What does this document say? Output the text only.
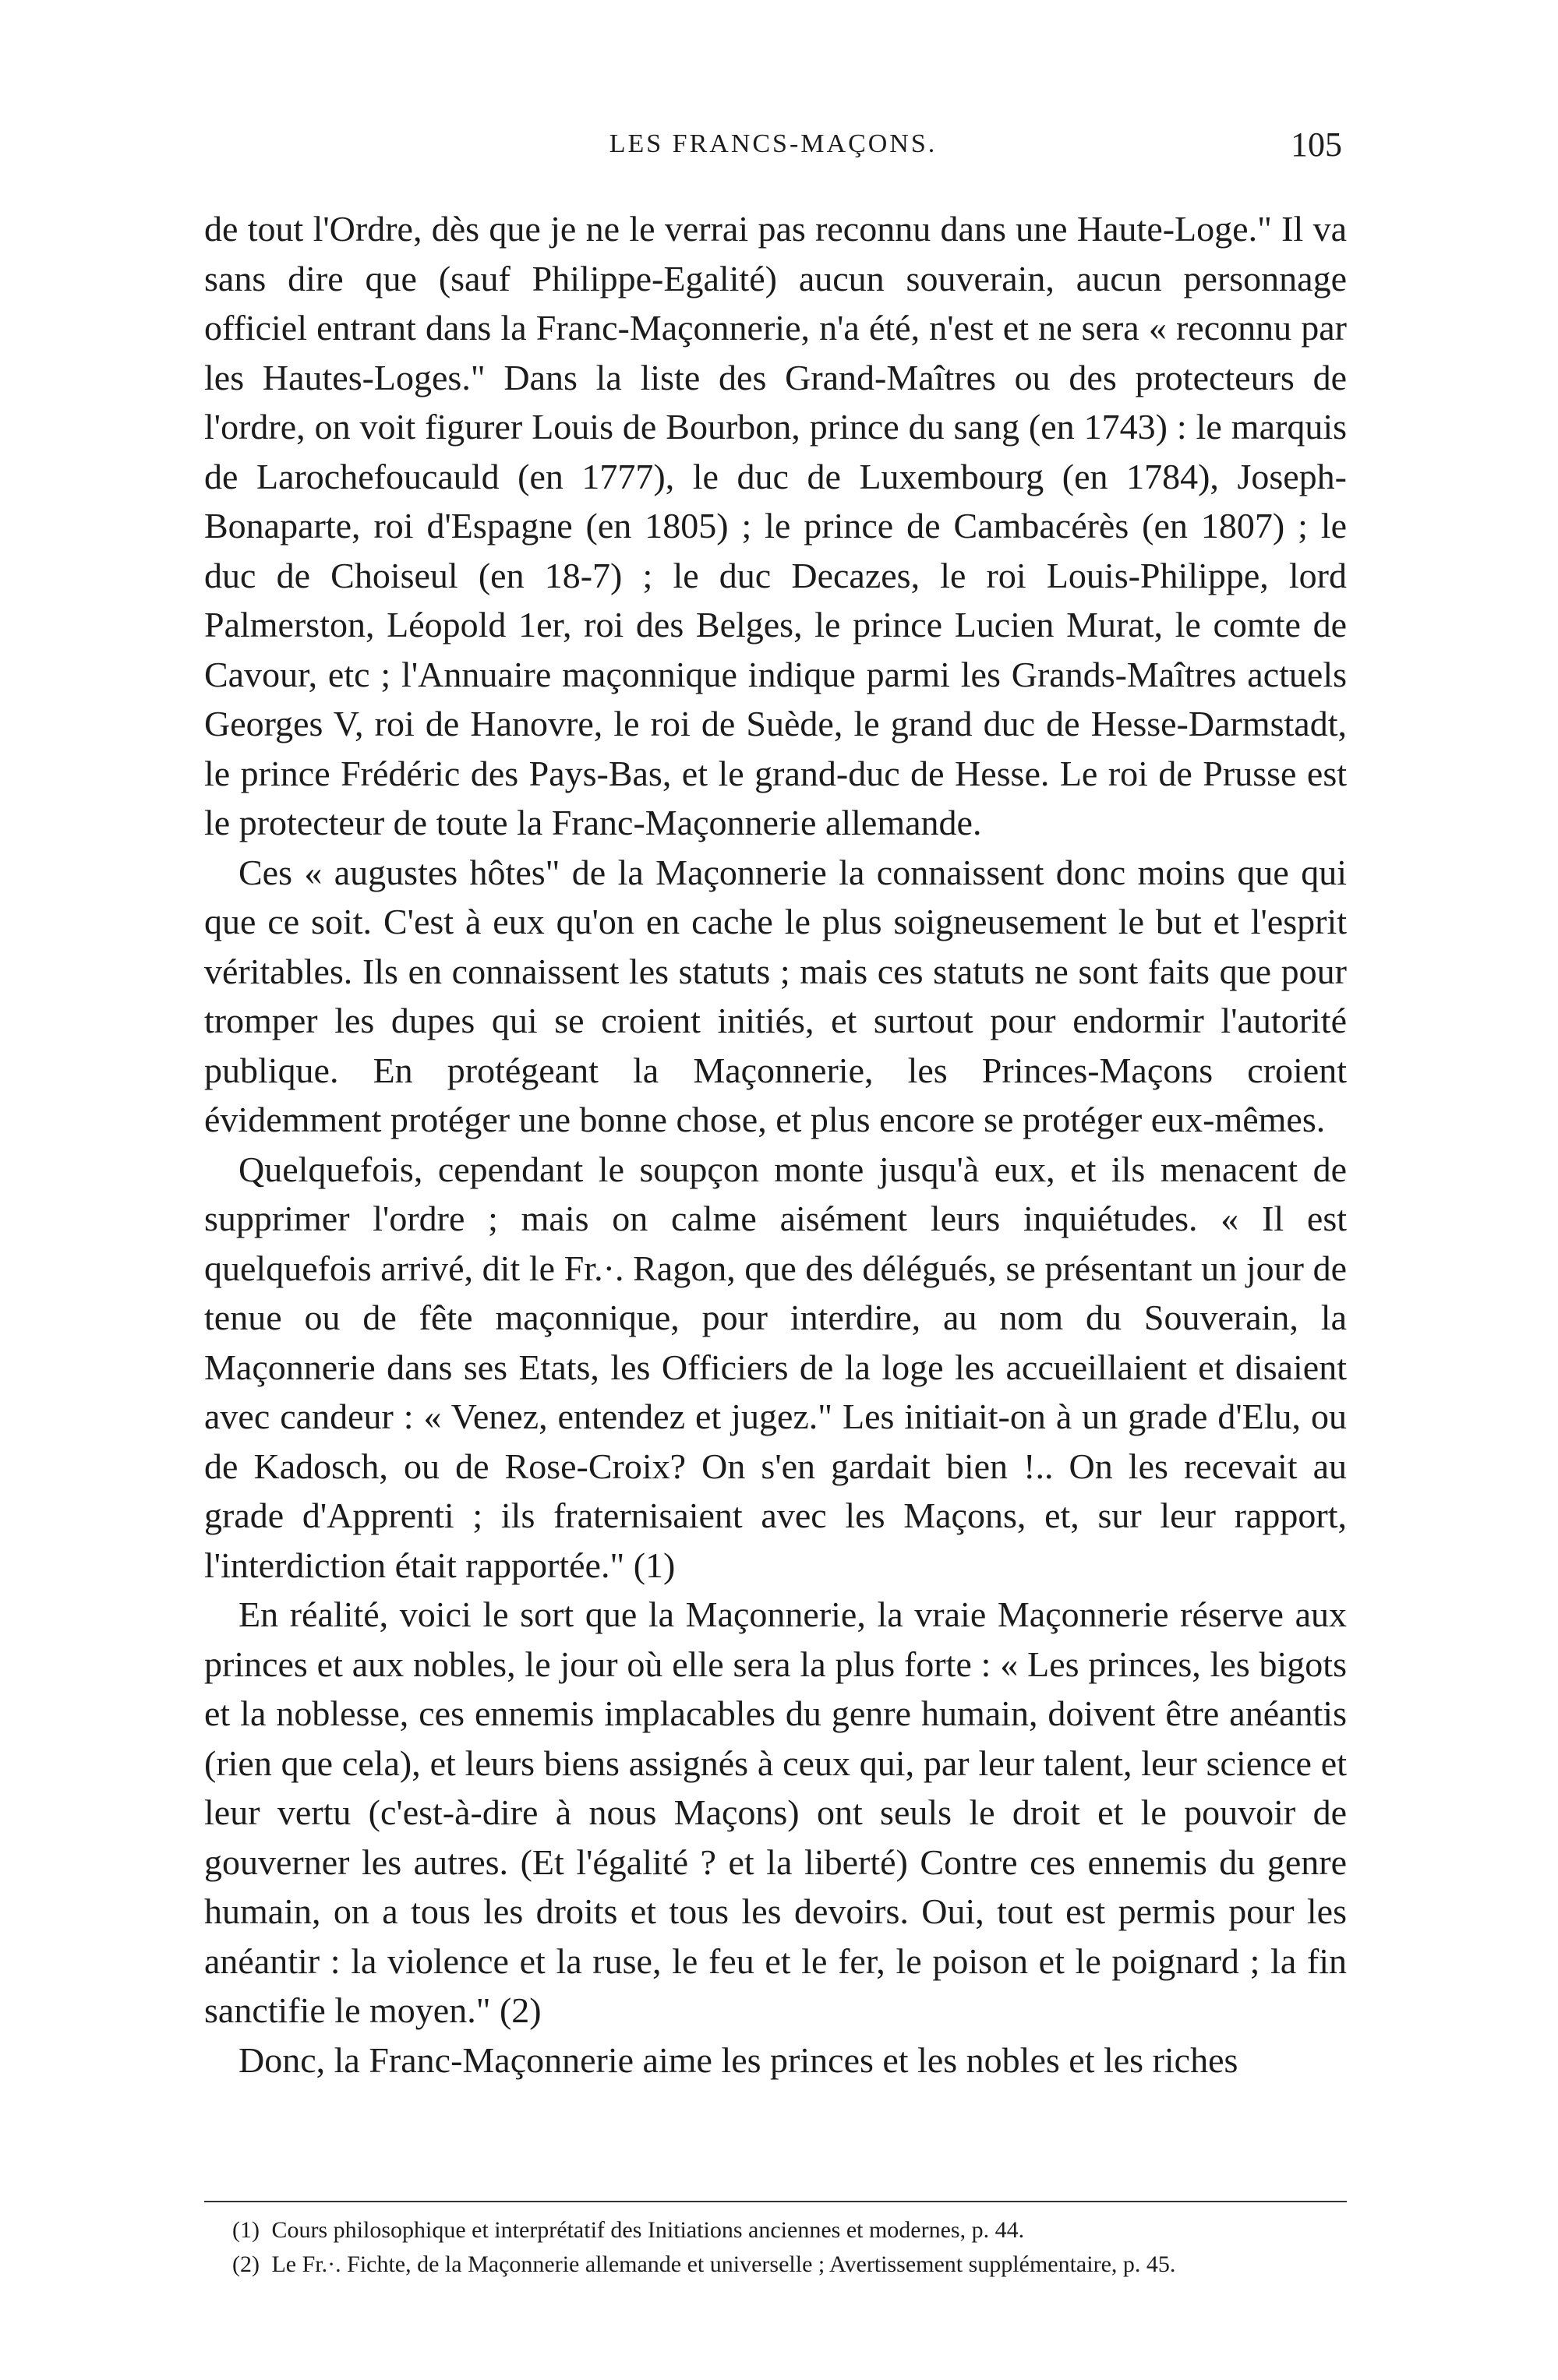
LES FRANCS-MAÇONS.	105

de tout l'Ordre, dès que je ne le verrai pas reconnu dans une Haute-Loge." Il va sans dire que (sauf Philippe-Egalité) aucun souverain, aucun personnage officiel entrant dans la Franc-Maçonnerie, n'a été, n'est et ne sera « reconnu par les Hautes-Loges." Dans la liste des Grand-Maîtres ou des protecteurs de l'ordre, on voit figurer Louis de Bourbon, prince du sang (en 1743) : le marquis de Larochefoucauld (en 1777), le duc de Luxembourg (en 1784), Joseph-Bonaparte, roi d'Espagne (en 1805) ; le prince de Cambacérès (en 1807) ; le duc de Choiseul (en 18-7) ; le duc Decazes, le roi Louis-Philippe, lord Palmerston, Léopold 1er, roi des Belges, le prince Lucien Murat, le comte de Cavour, etc ; l'Annuaire maçonnique indique parmi les Grands-Maîtres actuels Georges V, roi de Hanovre, le roi de Suède, le grand duc de Hesse-Darmstadt, le prince Frédéric des Pays-Bas, et le grand-duc de Hesse. Le roi de Prusse est le protecteur de toute la Franc-Maçonnerie allemande.

Ces « augustes hôtes" de la Maçonnerie la connaissent donc moins que qui que ce soit. C'est à eux qu'on en cache le plus soigneusement le but et l'esprit véritables. Ils en connaissent les statuts ; mais ces statuts ne sont faits que pour tromper les dupes qui se croient initiés, et surtout pour endormir l'autorité publique. En protégeant la Maçonnerie, les Princes-Maçons croient évidemment protéger une bonne chose, et plus encore se protéger eux-mêmes.

Quelquefois, cependant le soupçon monte jusqu'à eux, et ils menacent de supprimer l'ordre ; mais on calme aisément leurs inquiétudes. « Il est quelquefois arrivé, dit le Fr.·. Ragon, que des délégués, se présentant un jour de tenue ou de fête maçonnique, pour interdire, au nom du Souverain, la Maçonnerie dans ses Etats, les Officiers de la loge les accueillaient et disaient avec candeur : « Venez, entendez et jugez." Les initiait-on à un grade d'Elu, ou de Kadosch, ou de Rose-Croix? On s'en gardait bien !.. On les recevait au grade d'Apprenti ; ils fraternisaient avec les Maçons, et, sur leur rapport, l'interdiction était rapportée." (1)

En réalité, voici le sort que la Maçonnerie, la vraie Maçonnerie réserve aux princes et aux nobles, le jour où elle sera la plus forte : « Les princes, les bigots et la noblesse, ces ennemis implacables du genre humain, doivent être anéantis (rien que cela), et leurs biens assignés à ceux qui, par leur talent, leur science et leur vertu (c'est-à-dire à nous Maçons) ont seuls le droit et le pouvoir de gouverner les autres. (Et l'égalité ? et la liberté) Contre ces ennemis du genre humain, on a tous les droits et tous les devoirs. Oui, tout est permis pour les anéantir : la violence et la ruse, le feu et le fer, le poison et le poignard ; la fin sanctifie le moyen." (2)

Donc, la Franc-Maçonnerie aime les princes et les nobles et les riches

(1) Cours philosophique et interprétatif des Initiations anciennes et modernes, p. 44.
(2) Le Fr.·. Fichte, de la Maçonnerie allemande et universelle ; Avertissement supplémentaire, p. 45.
